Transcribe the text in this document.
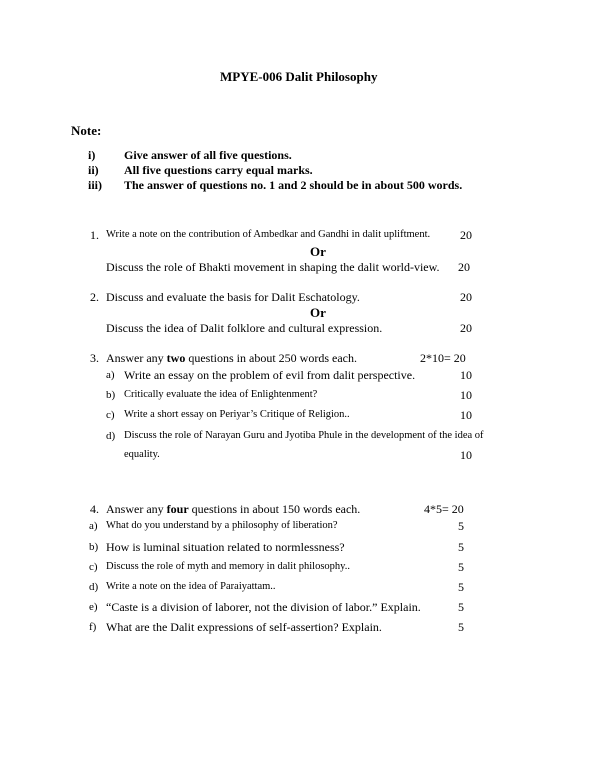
MPYE-006 Dalit Philosophy
Note:
i) Give answer of all five questions.
ii) All five questions carry equal marks.
iii) The answer of questions no. 1 and 2 should be in about 500 words.
1. Write a note on the contribution of Ambedkar and Gandhi in dalit upliftment.	20
Or
Discuss the role of Bhakti movement in shaping the dalit world-view.	20
2. Discuss and evaluate the basis for Dalit Eschatology.	20
Or
Discuss the idea of Dalit folklore and cultural expression.	20
3. Answer any two questions in about 250 words each.	2*10= 20
a) Write an essay on the problem of evil from dalit perspective.	10
b) Critically evaluate the idea of Enlightenment?	10
c) Write a short essay on Periyar’s Critique of Religion..	10
d) Discuss the role of Narayan Guru and Jyotiba Phule in the development of the idea of
equality.	10
4. Answer any four questions in about 150 words each.	4*5= 20
a) What do you understand by a philosophy of liberation?	5
b) How is luminal situation related to normlessness?	5
c) Discuss the role of myth and memory in dalit philosophy..	5
d) Write a note on the idea of Paraiyattam..	5
e) “Caste is a division of laborer, not the division of labor.” Explain.	5
f) What are the Dalit expressions of self-assertion? Explain.	5
